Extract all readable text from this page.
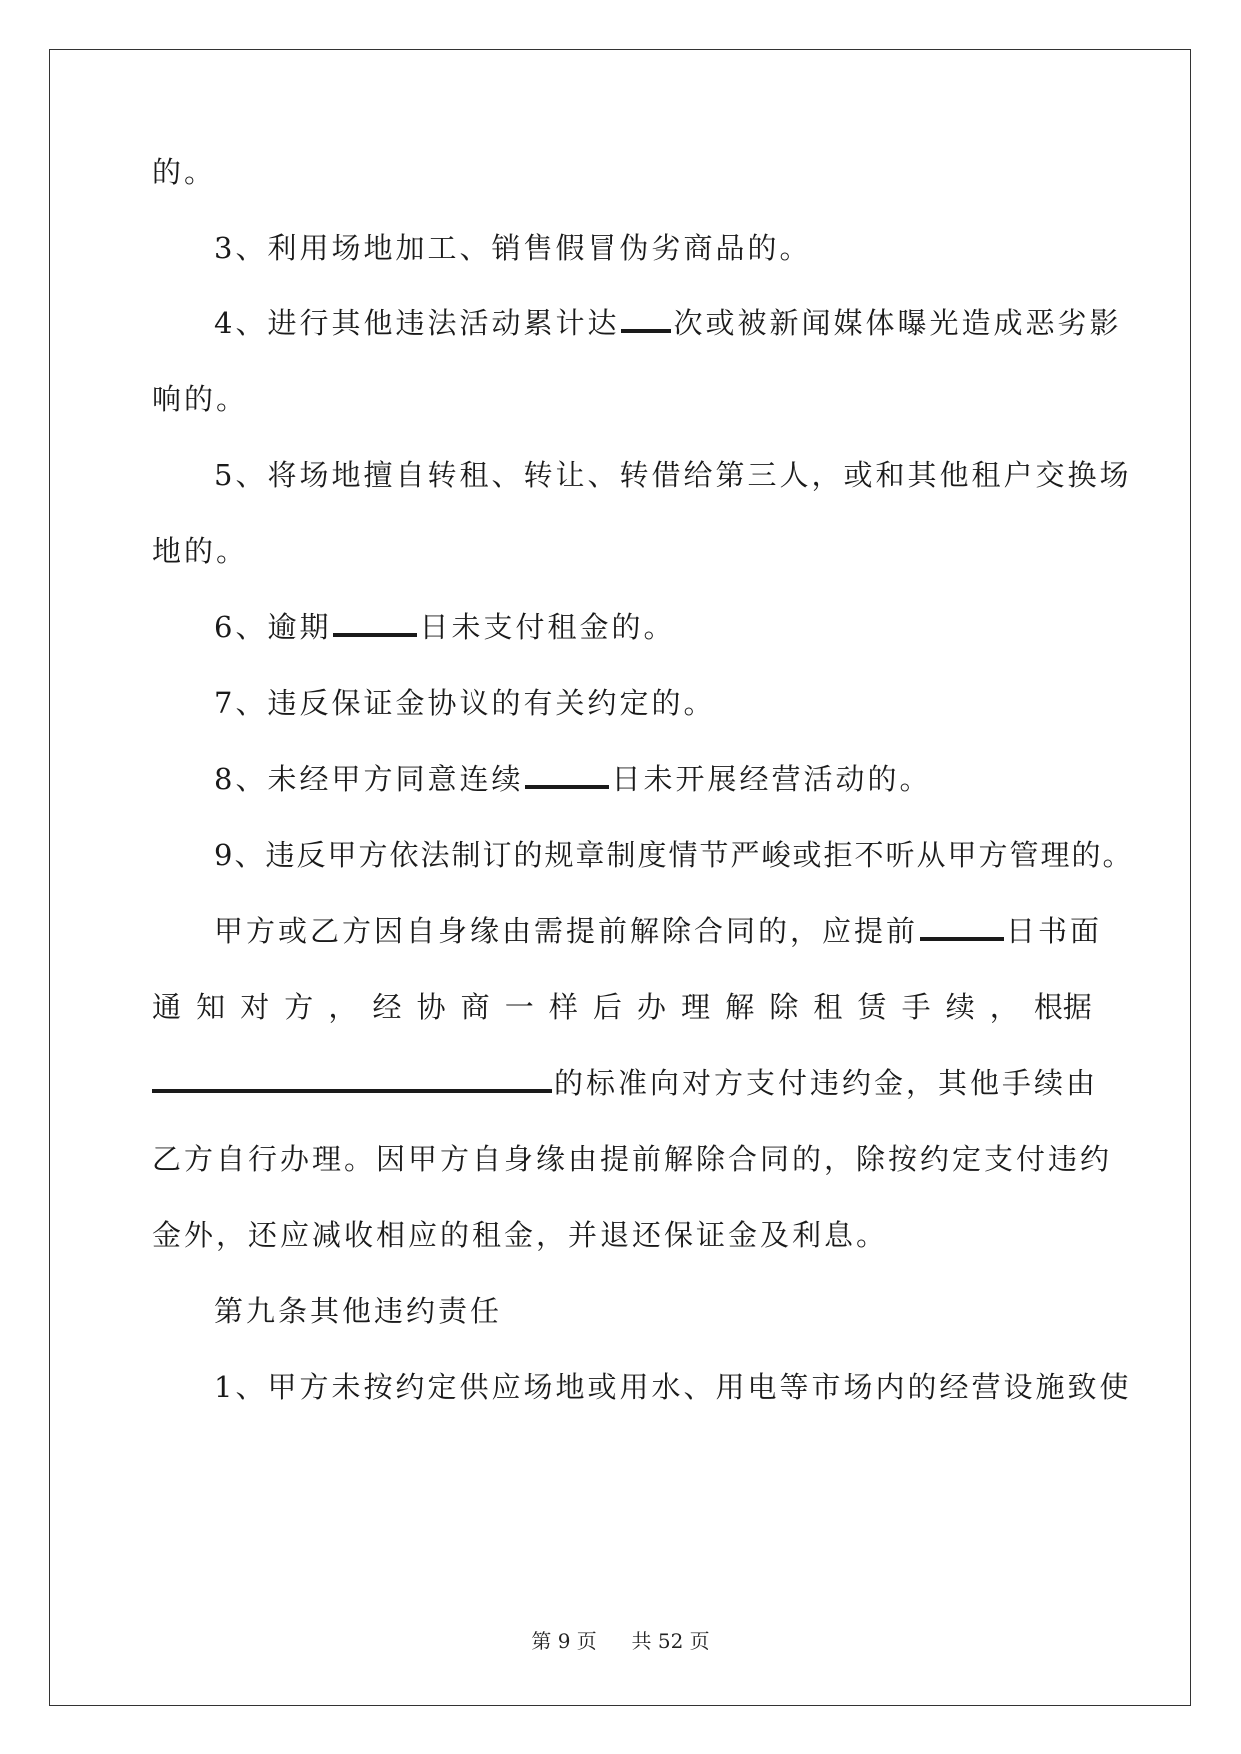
的。
3、利用场地加工、销售假冒伪劣商品的。
4、进行其他违法活动累计达 次或被新闻媒体曝光造成恶劣影
响的。
5、将场地擅自转租、转让、转借给第三人，或和其他租户交换场
地的。
6、逾期	日未支付租金的。
7、违反保证金协议的有关约定的。
8、未经甲方同意连续	日未开展经营活动的。
9、违反甲方依法制订的规章制度情节严峻或拒不听从甲方管理的。
甲方或乙方因自身缘由需提前解除合同的，应提前	日书面
通 知 对 方 ， 经 协 商 一 样 后 办 理 解 除 租 赁 手 续 ， 根据
的标准向对方支付违约金，其他手续由
乙方自行办理。因甲方自身缘由提前解除合同的，除按约定支付违约
金外，还应减收相应的租金，并退还保证金及利息。
第九条其他违约责任
1、甲方未按约定供应场地或用水、用电等市场内的经营设施致使
第 9 页 共 52 页
